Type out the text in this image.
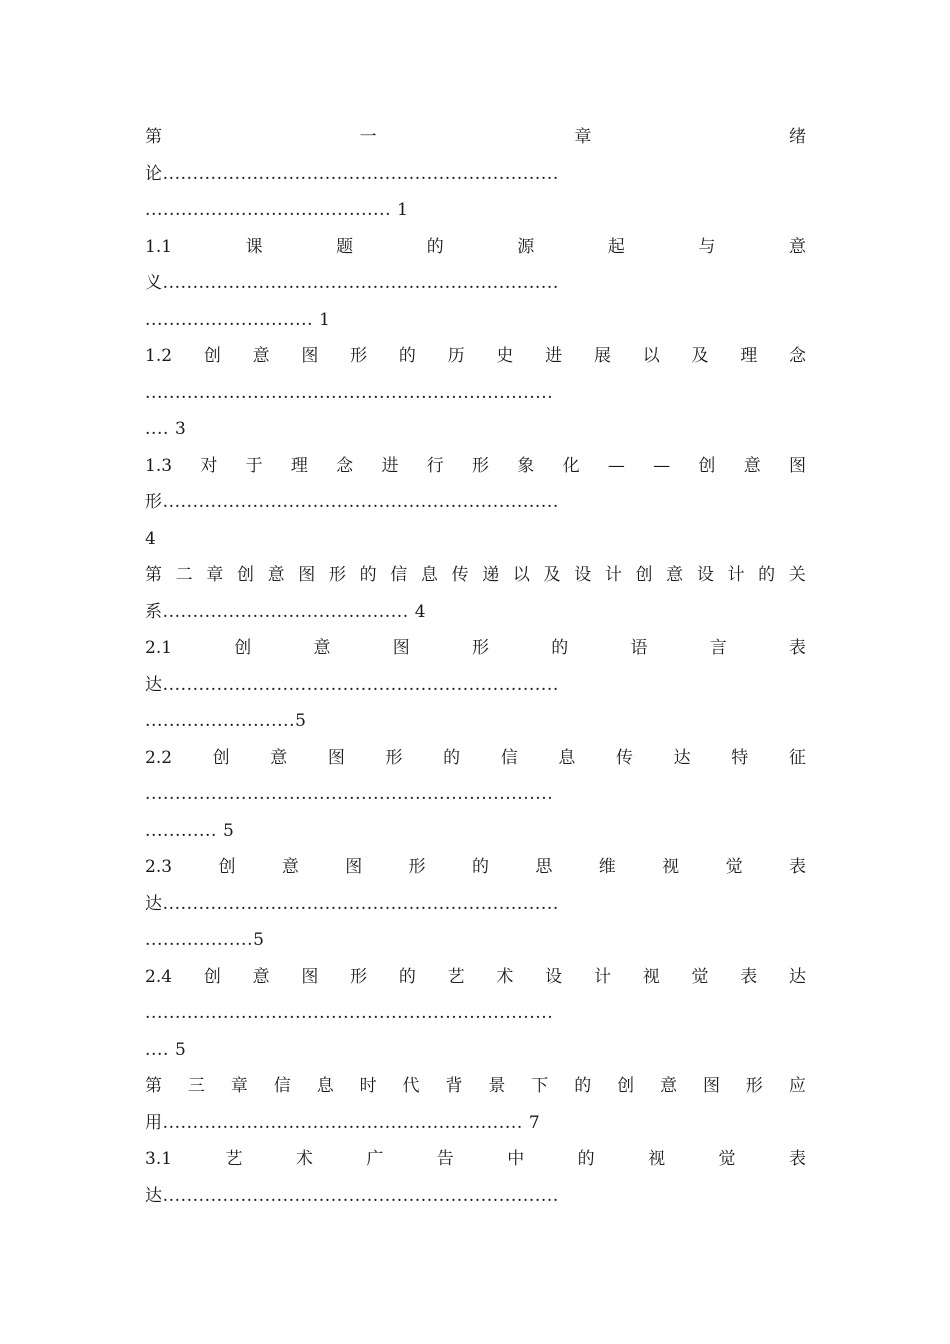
第	一	章	绪
论..................................................................
......................................... 1
1.1	课	题	的	源	起	与	意
义..................................................................
............................ 1
1.2 创 意 图 形 的 历 史 进 展 以 及 理 念
....................................................................
.... 3
1.3 对 于 理 念 进 行 形 象 化 — — 创 意 图
形..................................................................
4
第 二 章 创 意 图 形 的 信 息 传 递 以 及 设 计 创 意 设 计 的 关
系......................................... 4
2.1	创	意	图	形	的	语	言	表
达..................................................................
.........................5
2.2 创 意 图 形 的 信 息 传 达 特 征
....................................................................
............ 5
2.3	创	意	图	形	的	思	维	视	觉	表
达..................................................................
..................5
2.4 创 意 图 形 的 艺 术 设 计 视 觉 表 达
....................................................................
.... 5
第 三 章 信 息 时 代 背 景 下 的 创 意 图 形 应
用............................................................ 7
3.1	艺	术	广	告	中	的	视	觉	表
达..................................................................
